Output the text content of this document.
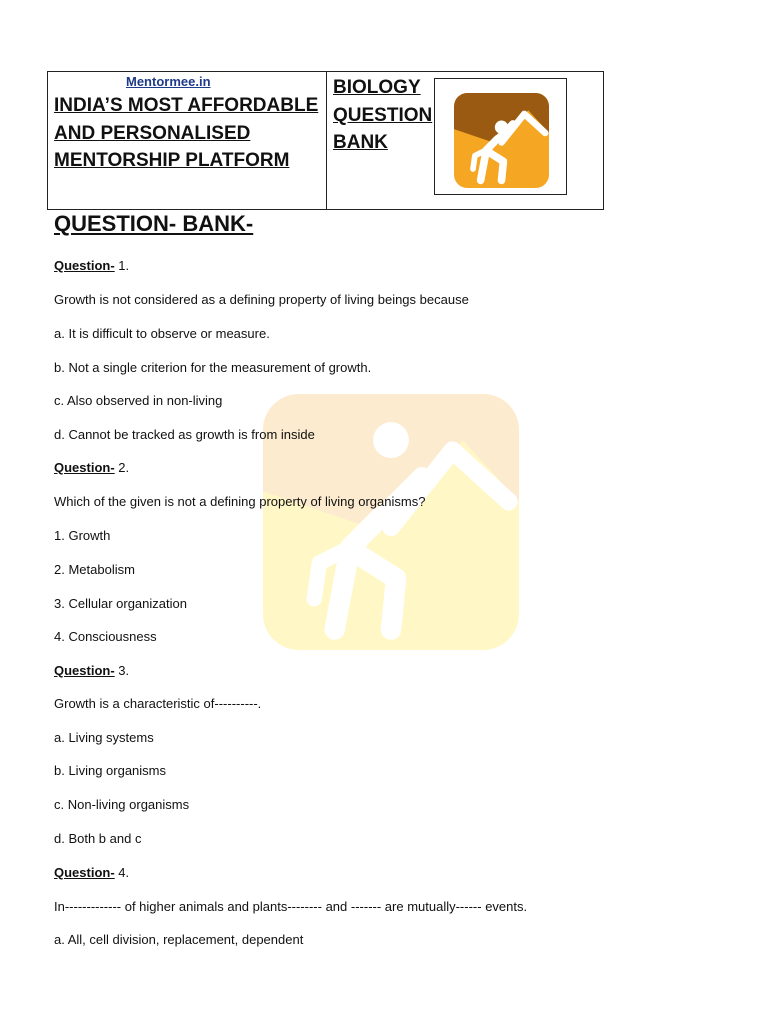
Mentormee.in
INDIA’S MOST AFFORDABLE
AND PERSONALISED
MENTORSHIP PLATFORM
BIOLOGY
QUESTION
BANK
QUESTION- BANK-
Question- 1.
Growth is not considered as a defining property of living beings because
a. It is difficult to observe or measure.
b. Not a single criterion for the measurement of growth.
c. Also observed in non-living
d. Cannot be tracked as growth is from inside
Question- 2.
Which of the given is not a defining property of living organisms?
1. Growth
2. Metabolism
3. Cellular organization
4. Consciousness
Question- 3.
Growth is a characteristic of----------.
a. Living systems
b. Living organisms
c. Non-living organisms
d. Both b and c
Question- 4.
In------------- of higher animals and plants-------- and ------- are mutually------ events.
a. All, cell division, replacement, dependent
